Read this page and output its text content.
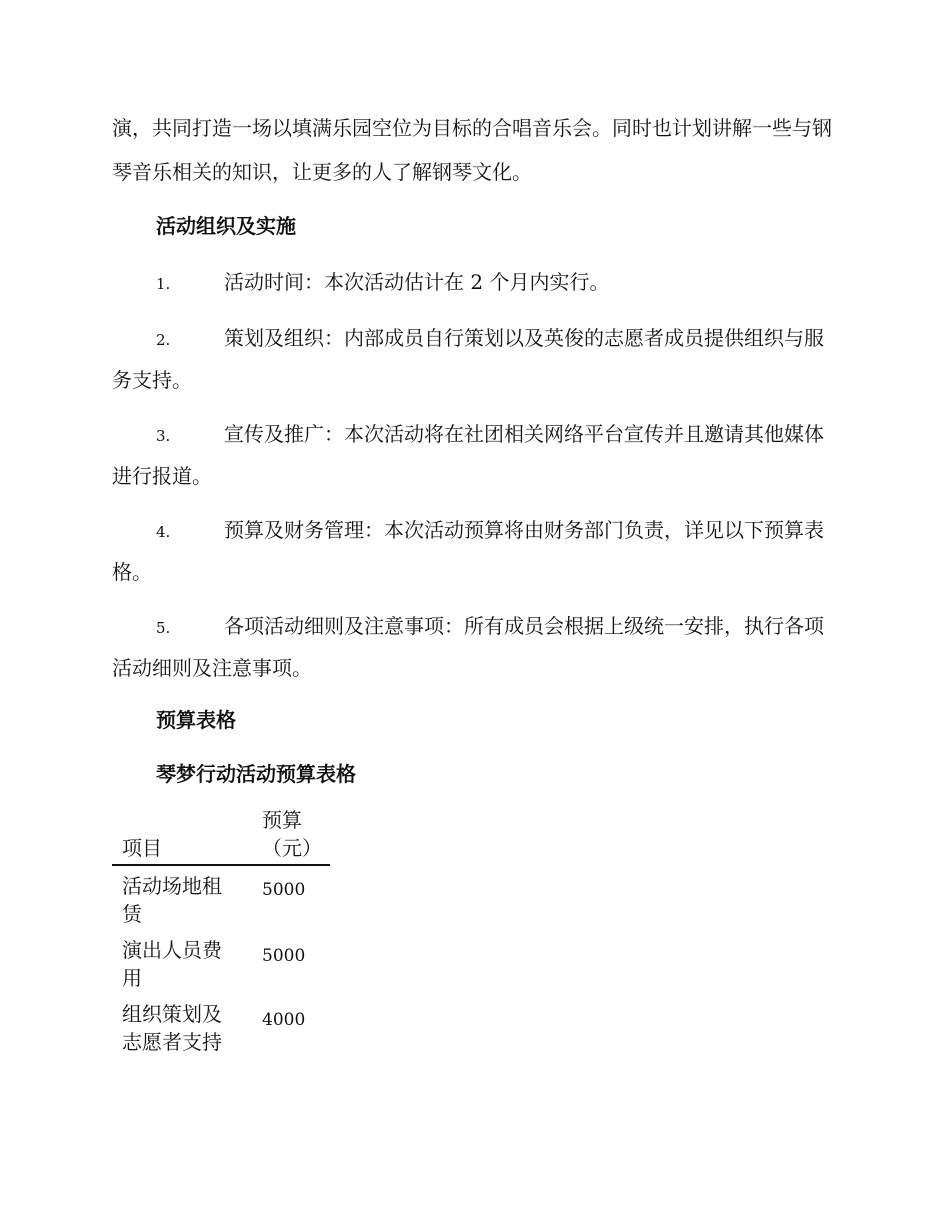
演，共同打造一场以填满乐园空位为目标的合唱音乐会。同时也计划讲解一些与钢琴音乐相关的知识，让更多的人了解钢琴文化。

活动组织及实施

1.	活动时间：本次活动估计在 2 个月内实行。

2.	策划及组织：内部成员自行策划以及英俊的志愿者成员提供组织与服务支持。

3.	宣传及推广：本次活动将在社团相关网络平台宣传并且邀请其他媒体进行报道。

4.	预算及财务管理：本次活动预算将由财务部门负责，详见以下预算表格。

5.	各项活动细则及注意事项：所有成员会根据上级统一安排，执行各项活动细则及注意事项。

预算表格

琴梦行动活动预算表格

项目	预算（元）

活动场地租赁	5000

演出人员费用	5000

组织策划及志愿者支持	4000
